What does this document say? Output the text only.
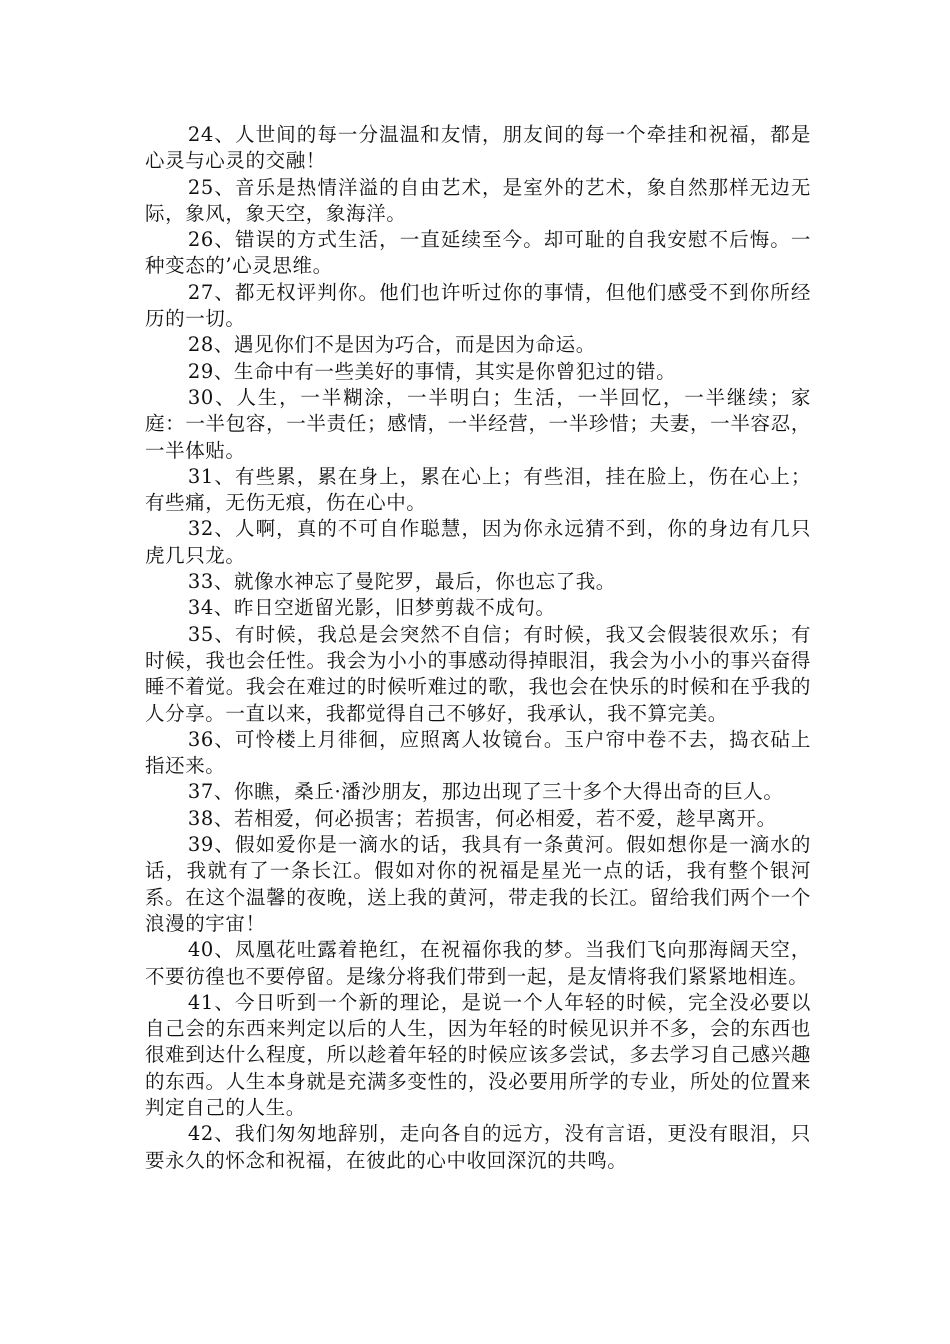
24、人世间的每一分温温和友情，朋友间的每一个牵挂和祝福，都是心灵与心灵的交融！

25、音乐是热情洋溢的自由艺术，是室外的艺术，象自然那样无边无际，象风，象天空，象海洋。

26、错误的方式生活，一直延续至今。却可耻的自我安慰不后悔。一种变态的’心灵思维。

27、都无权评判你。他们也许听过你的事情，但他们感受不到你所经历的一切。

28、遇见你们不是因为巧合，而是因为命运。

29、生命中有一些美好的事情，其实是你曾犯过的错。

30、人生，一半糊涂，一半明白；生活，一半回忆，一半继续；家庭：一半包容，一半责任；感情，一半经营，一半珍惜；夫妻，一半容忍，一半体贴。

31、有些累，累在身上，累在心上；有些泪，挂在脸上，伤在心上；有些痛，无伤无痕，伤在心中。

32、人啊，真的不可自作聪慧，因为你永远猜不到，你的身边有几只虎几只龙。

33、就像水神忘了曼陀罗，最后，你也忘了我。

34、昨日空逝留光影，旧梦剪裁不成句。

35、有时候，我总是会突然不自信；有时候，我又会假装很欢乐；有时候，我也会任性。我会为小小的事感动得掉眼泪，我会为小小的事兴奋得睡不着觉。我会在难过的时候听难过的歌，我也会在快乐的时候和在乎我的人分享。一直以来，我都觉得自己不够好，我承认，我不算完美。

36、可怜楼上月徘徊，应照离人妆镜台。玉户帘中卷不去，捣衣砧上指还来。

37、你瞧，桑丘·潘沙朋友，那边出现了三十多个大得出奇的巨人。

38、若相爱，何必损害；若损害，何必相爱，若不爱，趁早离开。

39、假如爱你是一滴水的话，我具有一条黄河。假如想你是一滴水的话，我就有了一条长江。假如对你的祝福是星光一点的话，我有整个银河系。在这个温馨的夜晚，送上我的黄河，带走我的长江。留给我们两个一个浪漫的宇宙！

40、凤凰花吐露着艳红，在祝福你我的梦。当我们飞向那海阔天空，不要彷徨也不要停留。是缘分将我们带到一起，是友情将我们紧紧地相连。

41、今日听到一个新的理论，是说一个人年轻的时候，完全没必要以自己会的东西来判定以后的人生，因为年轻的时候见识并不多，会的东西也很难到达什么程度，所以趁着年轻的时候应该多尝试，多去学习自己感兴趣的东西。人生本身就是充满多变性的，没必要用所学的专业，所处的位置来判定自己的人生。

42、我们匆匆地辞别，走向各自的远方，没有言语，更没有眼泪，只要永久的怀念和祝福，在彼此的心中收回深沉的共鸣。
